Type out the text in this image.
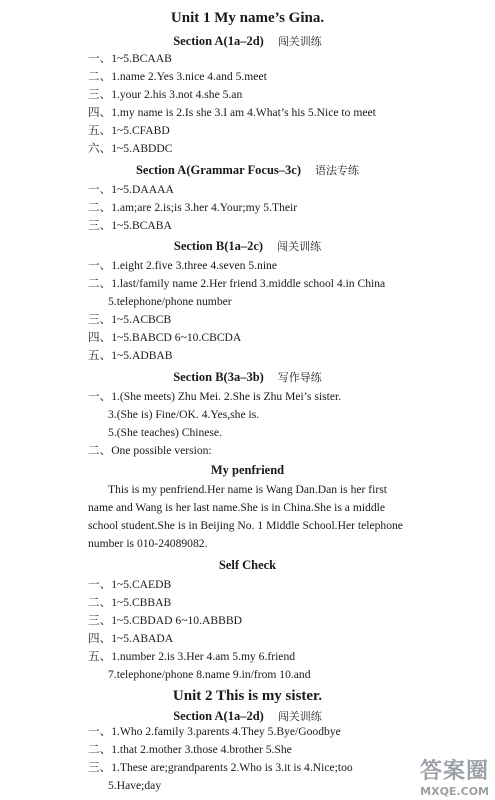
Unit 1 My name’s Gina.
Section A(1a–2d) 闯关训练
一、1~5.BCAAB
二、1.name 2.Yes 3.nice 4.and 5.meet
三、1.your 2.his 3.not 4.she 5.an
四、1.my name is 2.Is she 3.I am 4.What’s his 5.Nice to meet
五、1~5.CFABD
六、1~5.ABDDC
Section A(Grammar Focus–3c) 语法专练
一、1~5.DAAAA
二、1.am;are 2.is;is 3.her 4.Your;my 5.Their
三、1~5.BCABA
Section B(1a–2c) 闯关训练
一、1.eight 2.five 3.three 4.seven 5.nine
二、1.last/family name 2.Her friend 3.middle school 4.in China
5.telephone/phone number
三、1~5.ACBCB
四、1~5.BABCD 6~10.CBCDA
五、1~5.ADBAB
Section B(3a–3b) 写作导练
一、1.(She meets) Zhu Mei. 2.She is Zhu Mei’s sister.
3.(She is) Fine/OK. 4.Yes,she is.
5.(She teaches) Chinese.
二、One possible version:
My penfriend
This is my penfriend.Her name is Wang Dan.Dan is her first
name and Wang is her last name.She is in China.She is a middle
school student.She is in Beijing No. 1 Middle School.Her telephone
number is 010-24089082.
Self Check
一、1~5.CAEDB
二、1~5.CBBAB
三、1~5.CBDAD 6~10.ABBBD
四、1~5.ABADA
五、1.number 2.is 3.Her 4.am 5.my 6.friend
7.telephone/phone 8.name 9.in/from 10.and
Unit 2 This is my sister.
Section A(1a–2d) 闯关训练
一、1.Who 2.family 3.parents 4.They 5.Bye/Goodbye
二、1.that 2.mother 3.those 4.brother 5.She
三、1.These are;grandparents 2.Who is 3.it is 4.Nice;too
5.Have;day
答案圈
MXQE.COM
